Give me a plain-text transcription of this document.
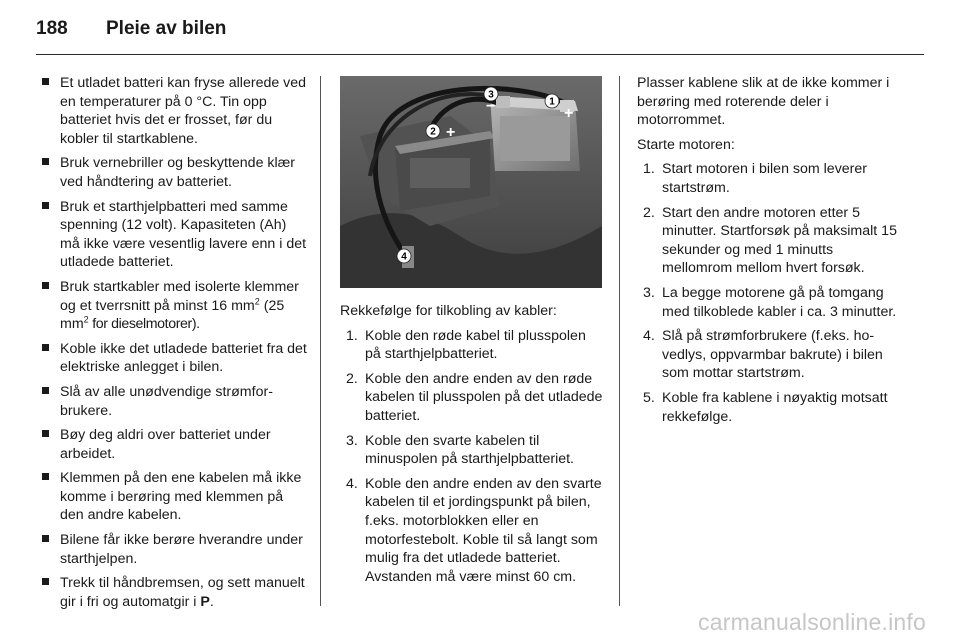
188	Pleie av bilen
Et utladet batteri kan fryse allerede ved en temperaturer på 0 °C. Tin opp batteriet hvis det er frosset, før du kobler til startkablene.
Bruk vernebriller og beskyttende klær ved håndtering av batteriet.
Bruk et starthjelpbatteri med samme spenning (12 volt). Kapasiteten (Ah) må ikke være vesentlig lavere enn i det utladede batteriet.
Bruk startkabler med isolerte klemmer og et tverrsnitt på minst 16 $mm^2$ (25 $mm^2$ for dieselmotorer).
Koble ikke det utladede batteriet fra det elektriske anlegget i bilen.
Slå av alle unødvendige strømforbrukere.
Bøy deg aldri over batteriet under arbeidet.
Klemmen på den ene kabelen må ikke komme i berøring med klemmen på den andre kabelen.
Bilene får ikke berøre hverandre under starthjelpen.
Trekk til håndbremsen, og sett manuelt gir i fri og automatgir i P.
1
2
3
4
+
+
−

Rekkefølge for tilkobling av kabler:

1. Koble den røde kabel til plusspolen på starthjelpbatteriet.
2. Koble den andre enden av den røde kabelen til plusspolen på det utladede batteriet.
3. Koble den svarte kabelen til minuspolen på starthjelpbatteriet.
4. Koble den andre enden av den svarte kabelen til et jordingspunkt på bilen, f.eks. motorblokken eller en motorfestebolt. Koble til så langt som mulig fra det utladede batteriet. Avstanden må være minst 60 cm.

Plasser kablene slik at de ikke kommer i berøring med roterende deler i motorrommet.

Starte motoren:

1. Start motoren i bilen som leverer startstrøm.
2. Start den andre motoren etter 5 minutter. Startforsøk på maksimalt 15 sekunder og med 1 minutts mellomrom mellom hvert forsøk.
3. La begge motorene gå på tomgang med tilkoblede kabler i ca. 3 minutter.
4. Slå på strømforbrukere (f.eks. hovedlys, oppvarmbar bakrute) i bilen som mottar startstrøm.
5. Koble fra kablene i nøyaktig motsatt rekkefølge.
carmanualsonline.info
